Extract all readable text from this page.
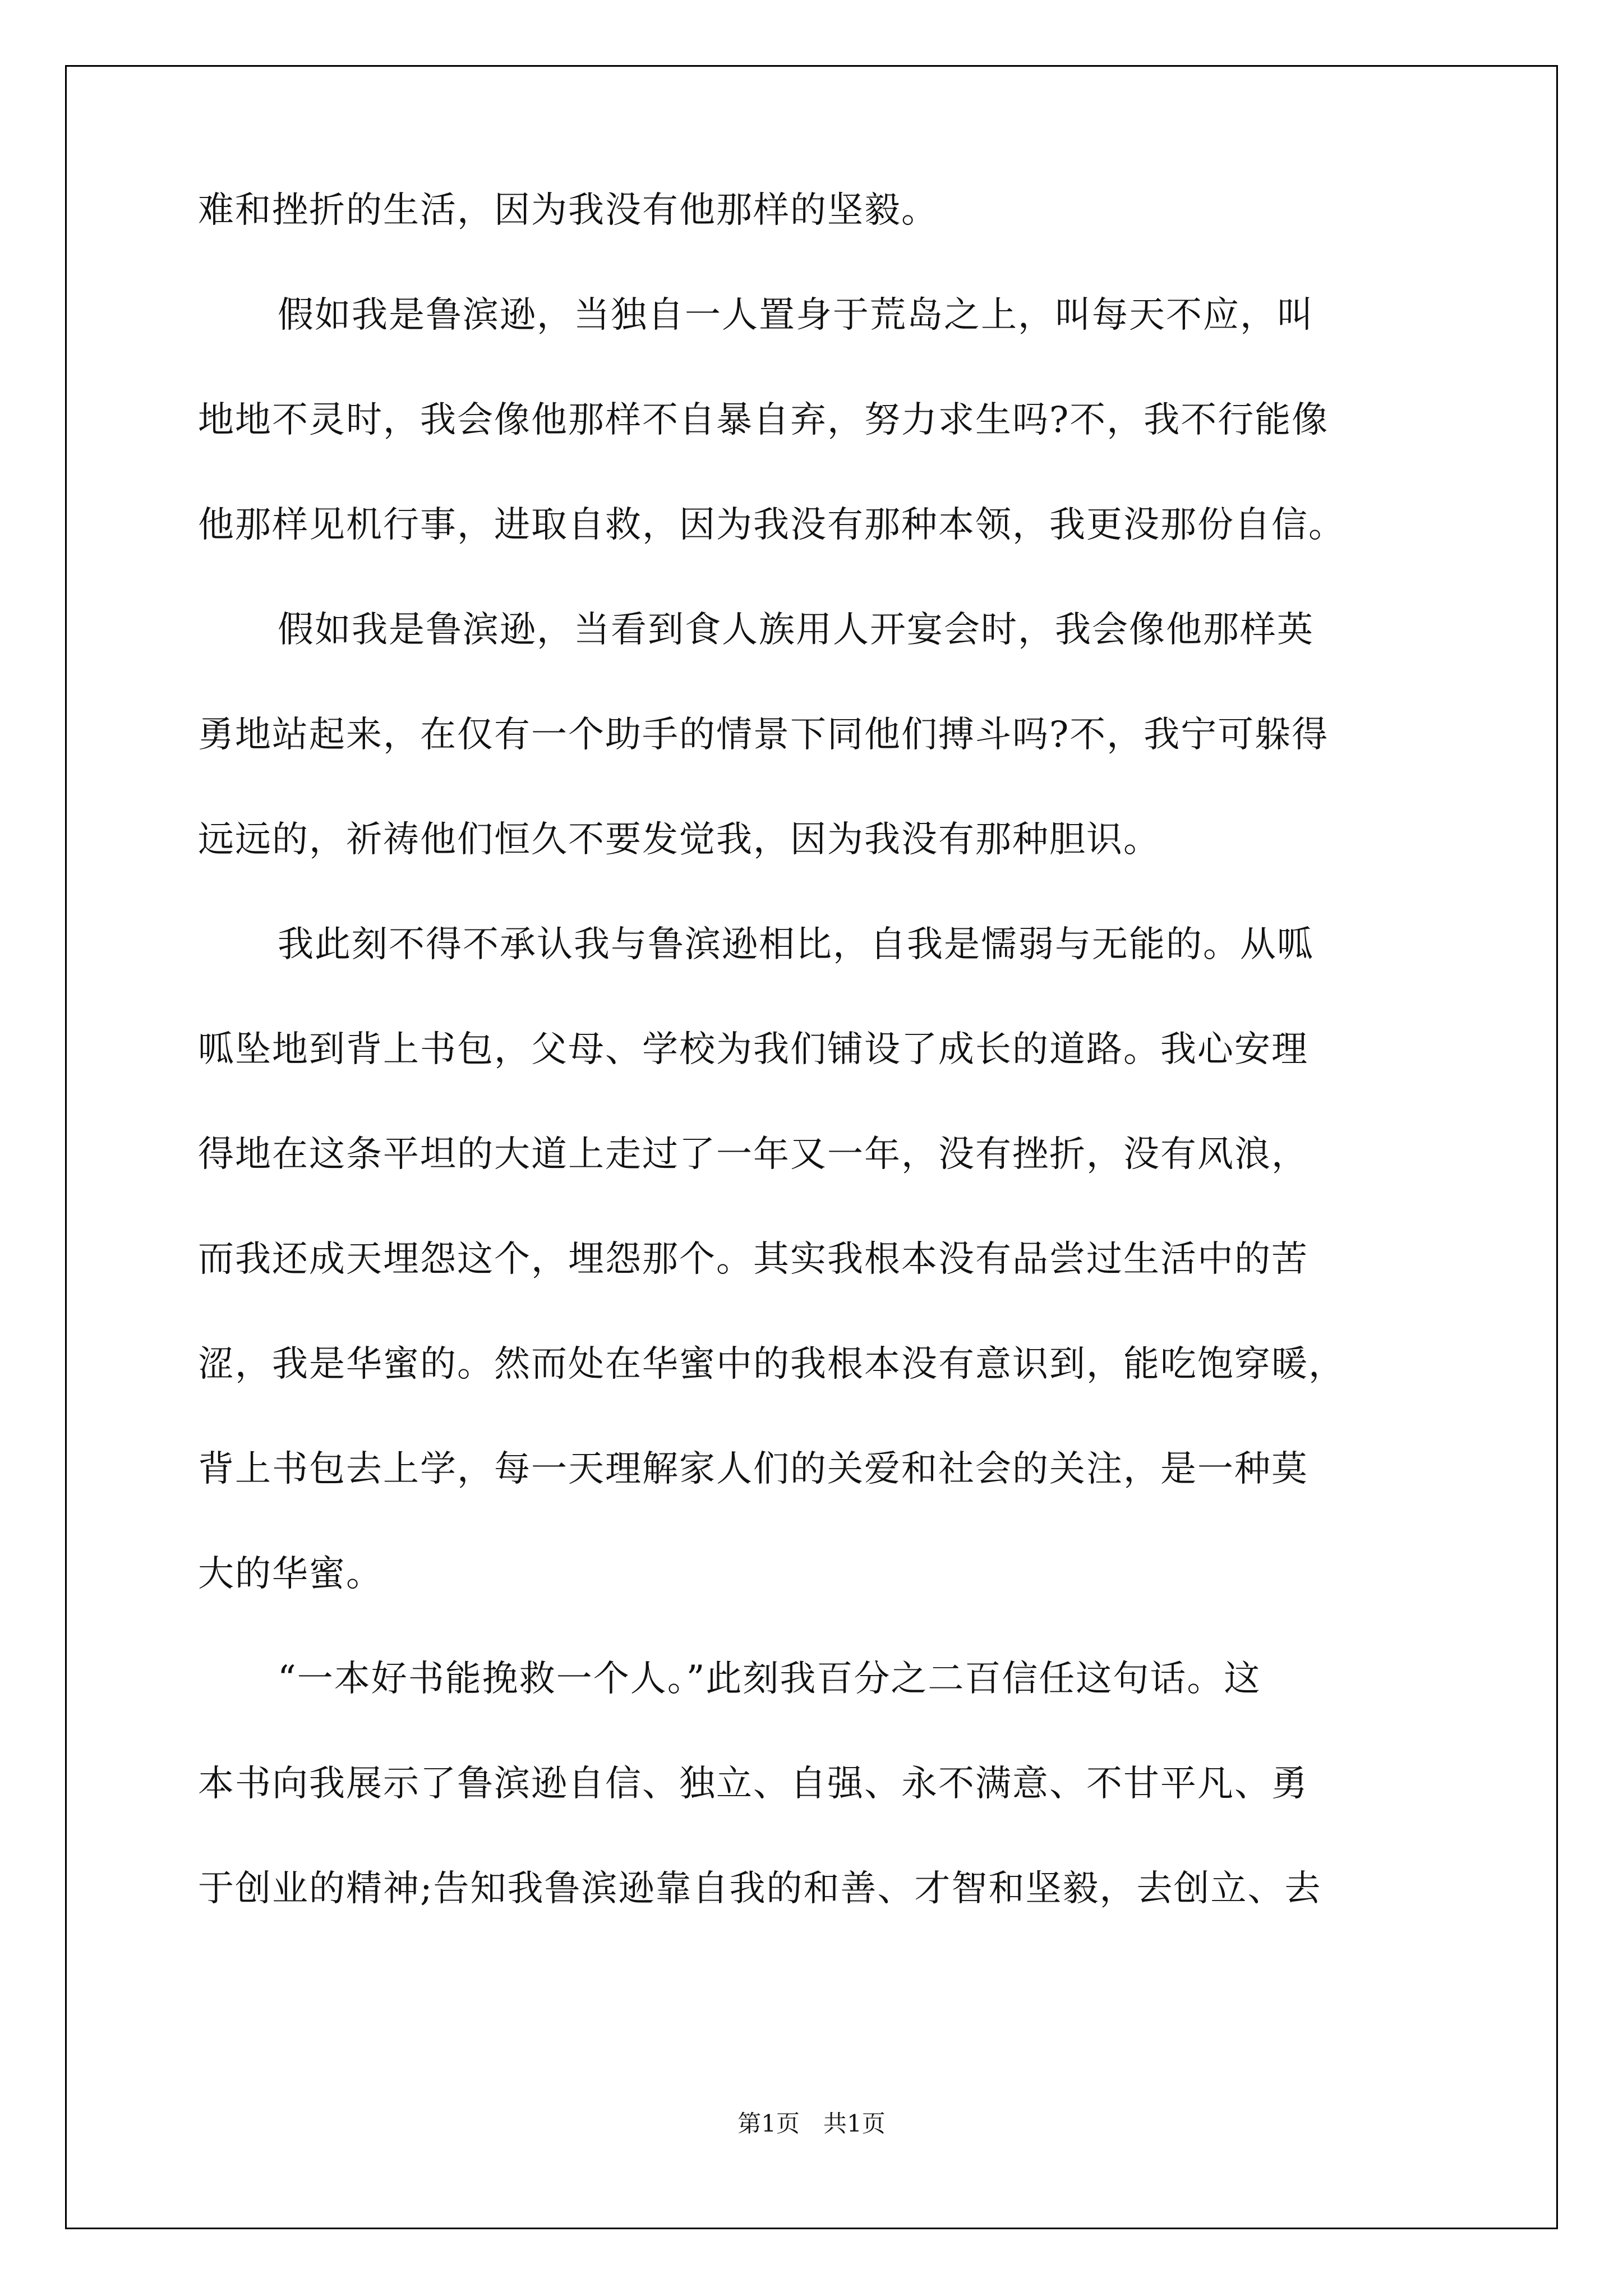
难和挫折的生活，因为我没有他那样的坚毅。
假如我是鲁滨逊，当独自一人置身于荒岛之上，叫每天不应，叫
地地不灵时，我会像他那样不自暴自弃，努力求生吗?不，我不行能像
他那样见机行事，进取自救，因为我没有那种本领，我更没那份自信。
假如我是鲁滨逊，当看到食人族用人开宴会时，我会像他那样英
勇地站起来，在仅有一个助手的情景下同他们搏斗吗?不，我宁可躲得
远远的，祈祷他们恒久不要发觉我，因为我没有那种胆识。
我此刻不得不承认我与鲁滨逊相比，自我是懦弱与无能的。从呱
呱坠地到背上书包，父母、学校为我们铺设了成长的道路。我心安理
得地在这条平坦的大道上走过了一年又一年，没有挫折，没有风浪，
而我还成天埋怨这个，埋怨那个。其实我根本没有品尝过生活中的苦
涩，我是华蜜的。然而处在华蜜中的我根本没有意识到，能吃饱穿暖，
背上书包去上学，每一天理解家人们的关爱和社会的关注，是一种莫
大的华蜜。
“一本好书能挽救一个人。”此刻我百分之二百信任这句话。这
本书向我展示了鲁滨逊自信、独立、自强、永不满意、不甘平凡、勇
于创业的精神;告知我鲁滨逊靠自我的和善、才智和坚毅，去创立、去
第1页　共1页
